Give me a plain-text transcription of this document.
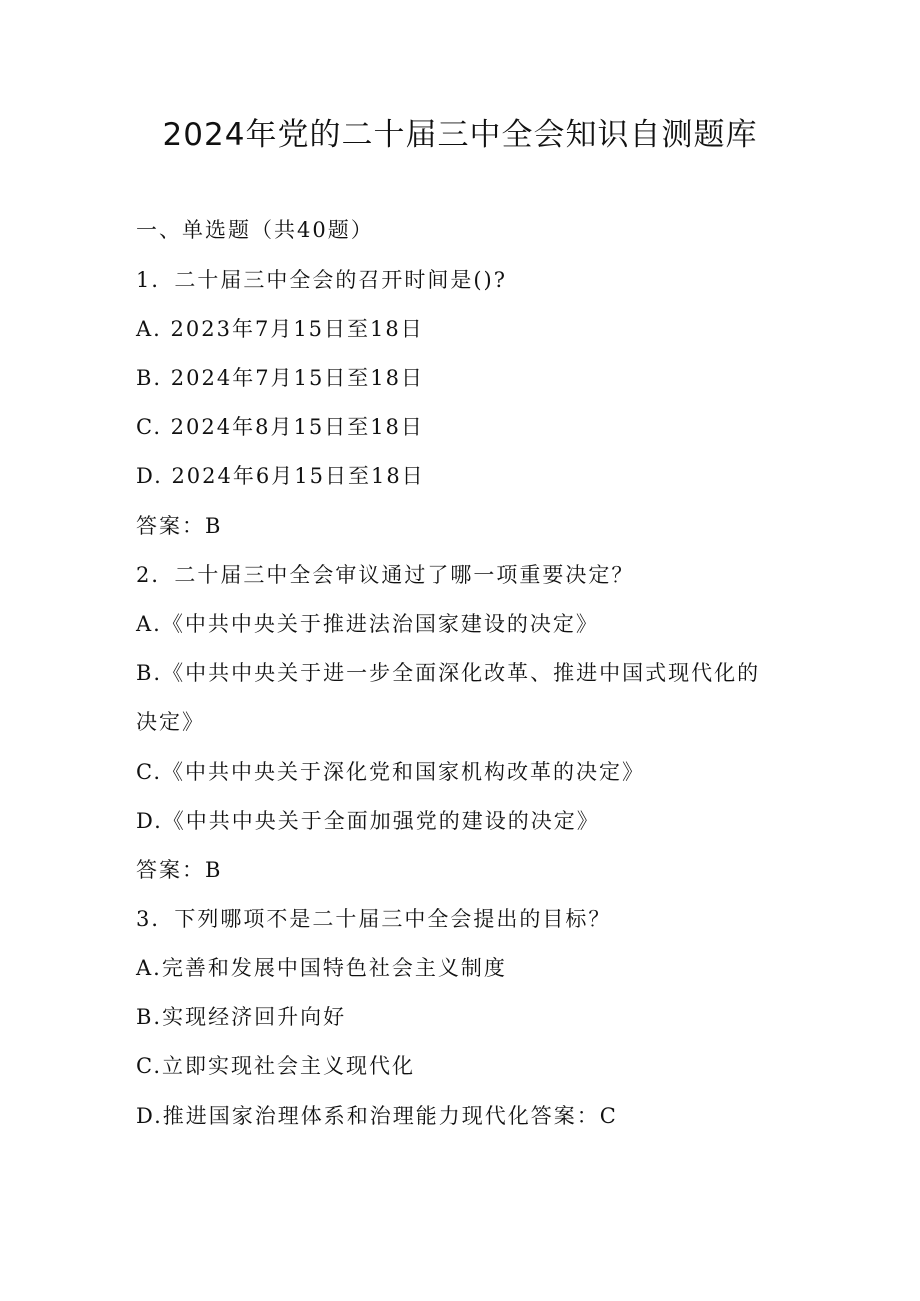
2024年党的二十届三中全会知识自测题库
一、单选题（共40题）
1．二十届三中全会的召开时间是()?
A. 2023年7月15日至18日
B. 2024年7月15日至18日
C. 2024年8月15日至18日
D. 2024年6月15日至18日
答案：B
2．二十届三中全会审议通过了哪一项重要决定？
A.《中共中央关于推进法治国家建设的决定》
B.《中共中央关于进一步全面深化改革、推进中国式现代化的
决定》
C.《中共中央关于深化党和国家机构改革的决定》
D.《中共中央关于全面加强党的建设的决定》
答案：B
3．下列哪项不是二十届三中全会提出的目标？
A.完善和发展中国特色社会主义制度
B.实现经济回升向好
C.立即实现社会主义现代化
D.推进国家治理体系和治理能力现代化答案：C
